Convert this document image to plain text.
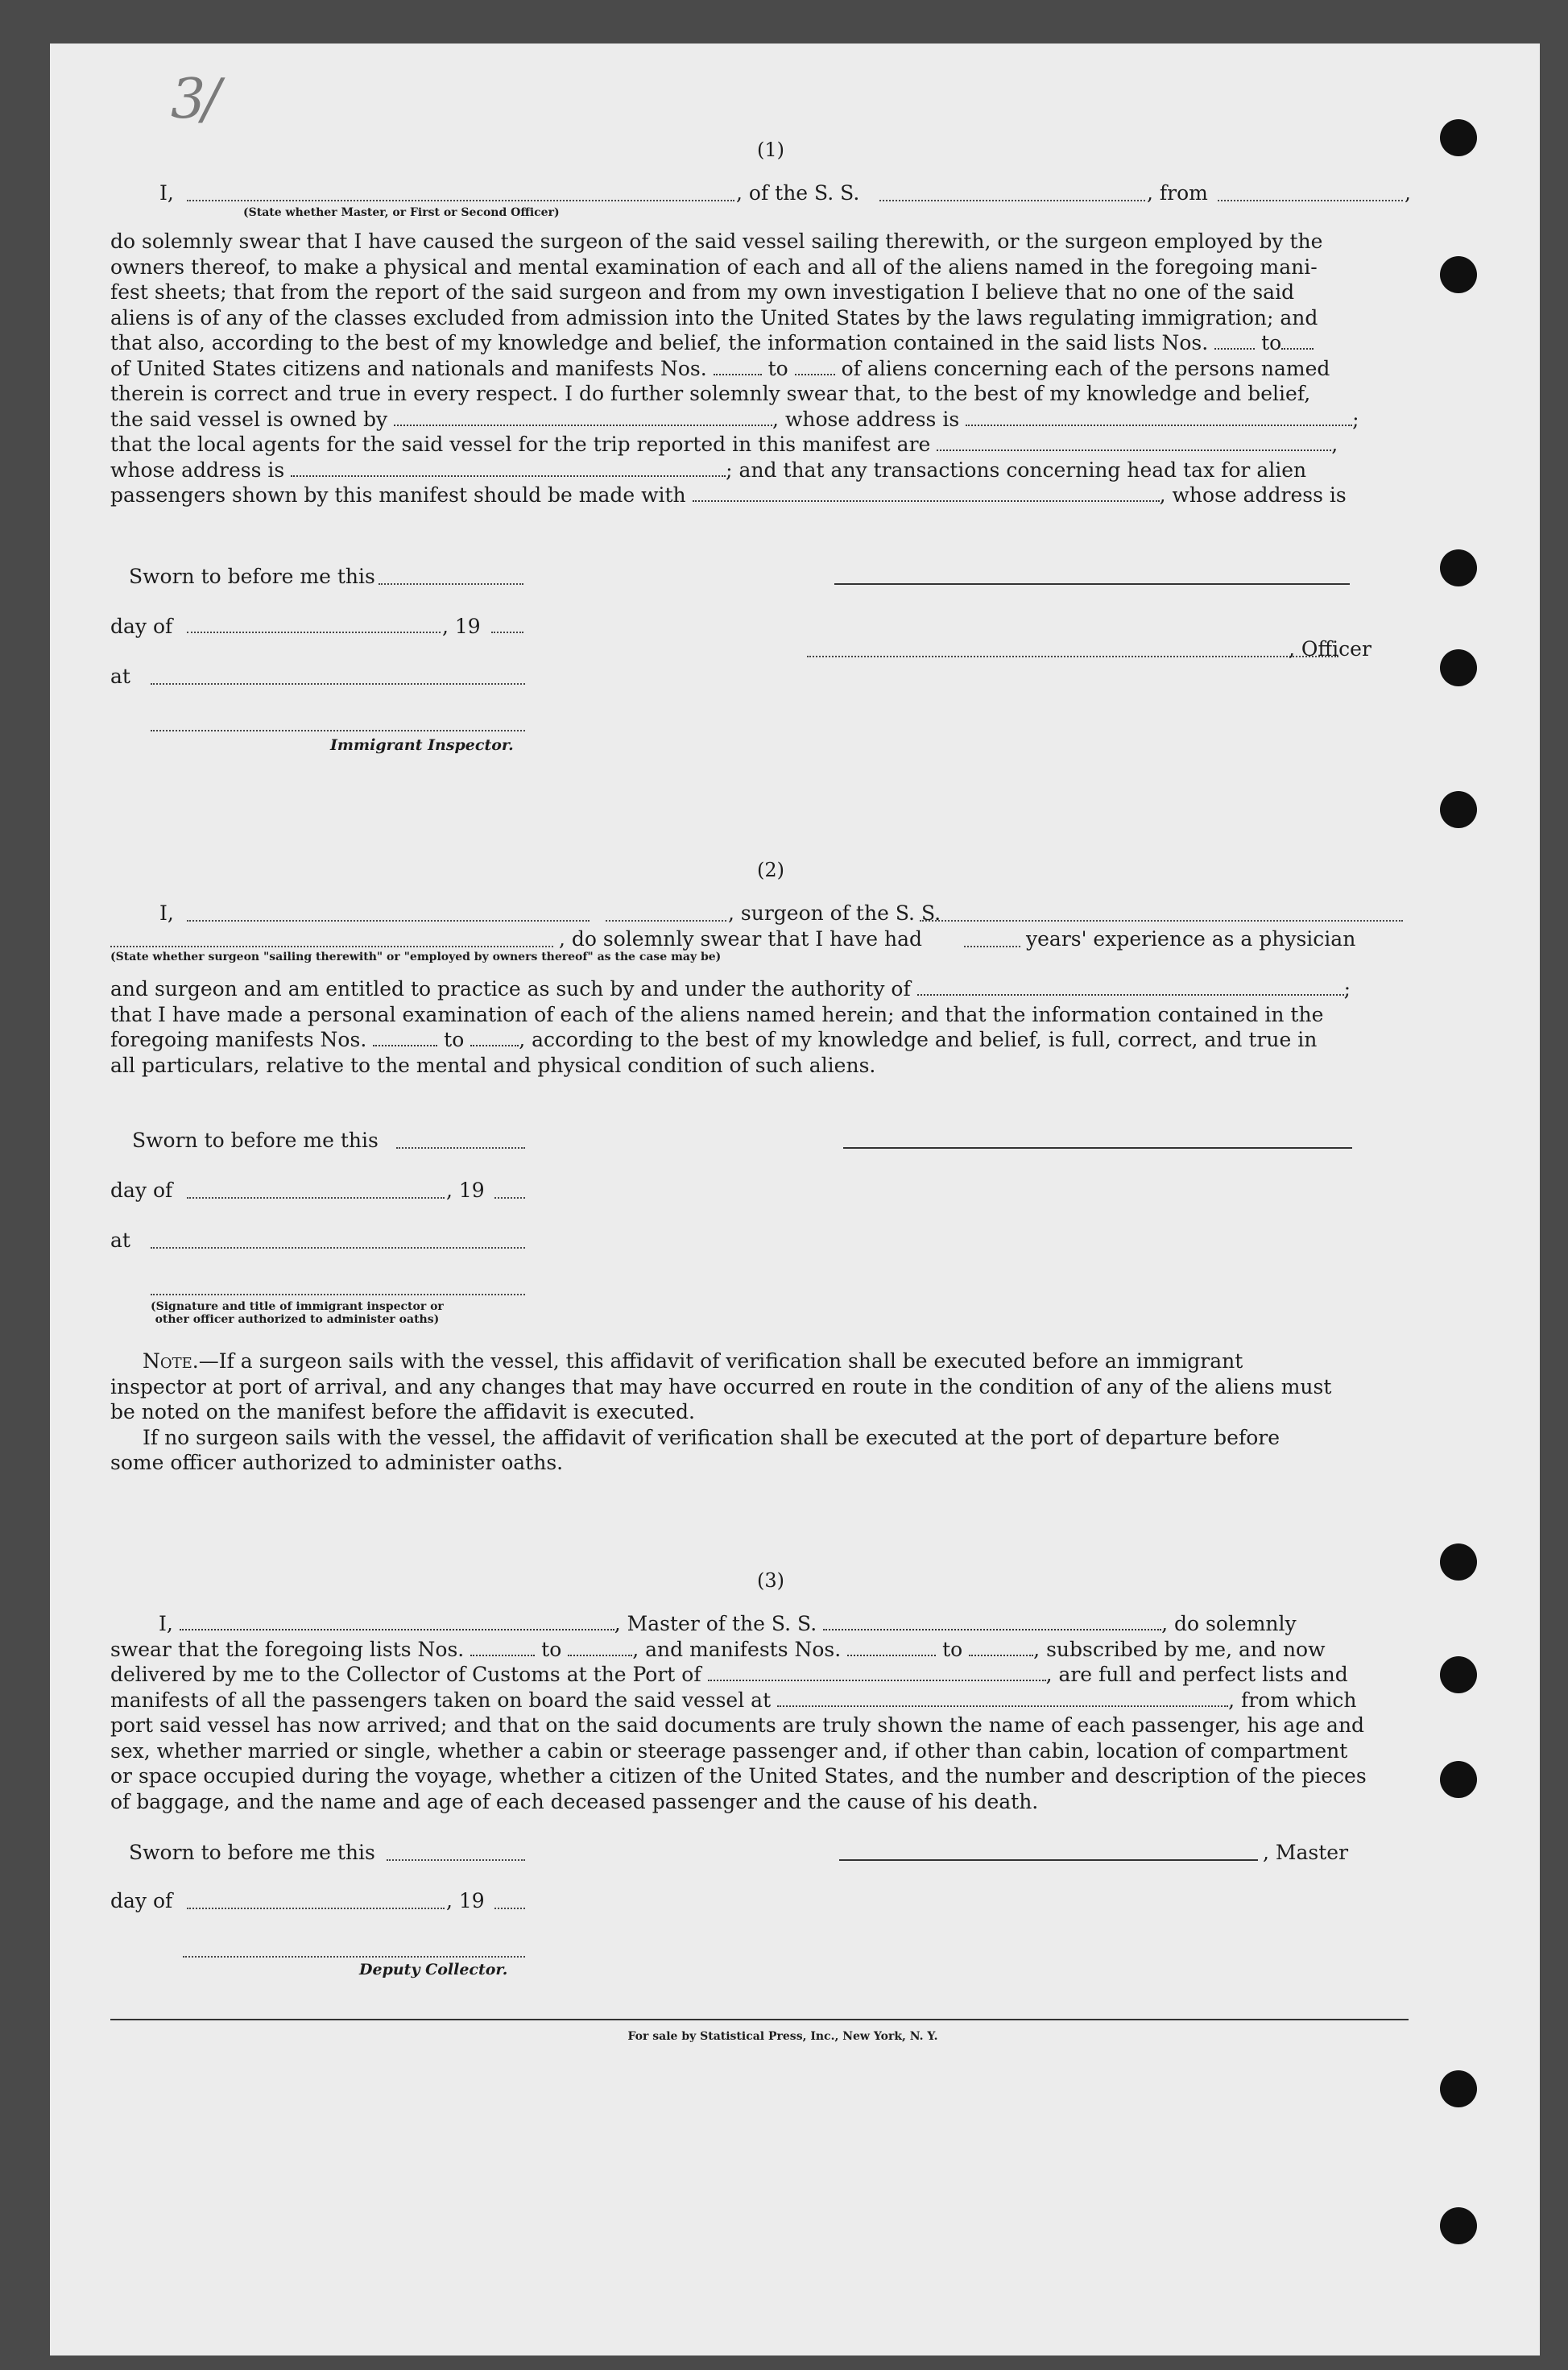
3/
(1)
I,	, of the S. S.	, from	,
(State whether Master, or First or Second Officer)

do solemnly swear that I have caused the surgeon of the said vessel sailing therewith, or the surgeon employed by the

owners thereof, to make a physical and mental examination of each and all of the aliens named in the foregoing mani-

fest sheets; that from the report of the said surgeon and from my own investigation I believe that no one of the said

aliens is of any of the classes excluded from admission into the United States by the laws regulating immigration; and

that also, according to the best of my knowledge and belief, the information contained in the said lists Nos.	to

of United States citizens and nationals and manifests Nos.	to	of aliens concerning each of the persons named

therein is correct and true in every respect. I do further solemnly swear that, to the best of my knowledge and belief,

the said vessel is owned by	, whose address is	;

that the local agents for the said vessel for the trip reported in this manifest are	,

whose address is	; and that any transactions concerning head tax for alien

passengers shown by this manifest should be made with	, whose address is

Sworn to before me this
day of	, 19
at
, Officer
Immigrant Inspector.
(2)
I,	, surgeon of the S. S.
, do solemnly swear that I have had	years' experience as a physician
(State whether surgeon "sailing therewith" or "employed by owners thereof" as the case may be)

and surgeon and am entitled to practice as such by and under the authority of	;

that I have made a personal examination of each of the aliens named herein; and that the information contained in the

foregoing manifests Nos.	to	, according to the best of my knowledge and belief, is full, correct, and true in

all particulars, relative to the mental and physical condition of such aliens.

Sworn to before me this
day of	, 19
at
(Signature and title of immigrant inspector or
other officer authorized to administer oaths)

Note.—If a surgeon sails with the vessel, this affidavit of verification shall be executed before an immigrant

inspector at port of arrival, and any changes that may have occurred en route in the condition of any of the aliens must

be noted on the manifest before the affidavit is executed.

If no surgeon sails with the vessel, the affidavit of verification shall be executed at the port of departure before

some officer authorized to administer oaths.

(3)

I,	, Master of the S. S.	, do solemnly

swear that the foregoing lists Nos.	to	, and manifests Nos.	to	, subscribed by me, and now

delivered by me to the Collector of Customs at the Port of	, are full and perfect lists and

manifests of all the passengers taken on board the said vessel at	, from which

port said vessel has now arrived; and that on the said documents are truly shown the name of each passenger, his age and

sex, whether married or single, whether a cabin or steerage passenger and, if other than cabin, location of compartment

or space occupied during the voyage, whether a citizen of the United States, and the number and description of the pieces

of baggage, and the name and age of each deceased passenger and the cause of his death.

Sworn to before me this	, Master
day of	, 19
Deputy Collector.
For sale by Statistical Press, Inc., New York, N. Y.
